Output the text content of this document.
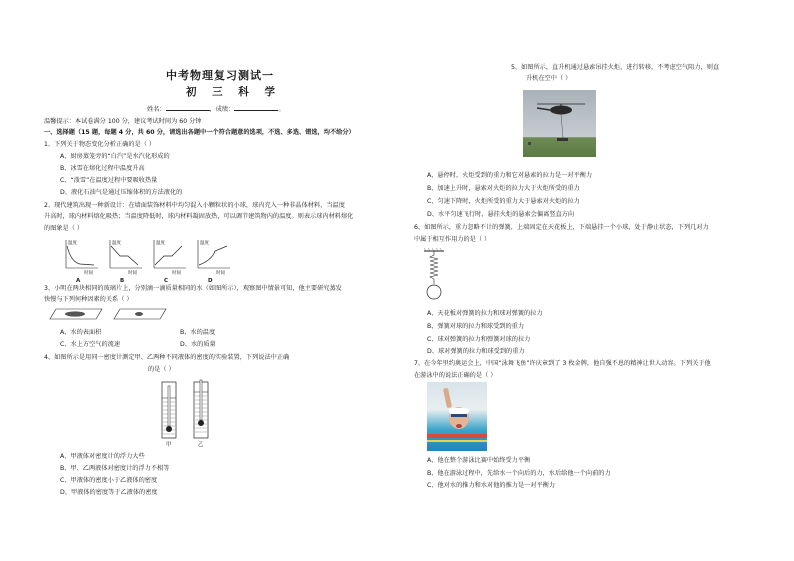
中考物理复习测试一
初 三 科 学
姓名：	，成绩：	。
温馨提示：本试卷满分 100 分，建议考试时间为 60 分钟
一、选择题（15 题，每题 4 分，共 60 分，请选出各题中一个符合题意的选项，不选、多选、错选，均不给分）
1、下列关于物态变化分析正确的是（ ）
A、厨房蒸笼旁的“白汽”是水汽化形成的
B、冰雪在熔化过程中温度升高
C、“泼雪”在温度过程中要吸收热量
D、液化石油气是通过压缩体积的方法液化的
2、现代建筑出现一种新设计：在墙面装饰材料中均匀混入小颗粒状的小球，球内充入一种非晶体材料，当温度
升高时，球内材料熔化吸热；当温度降低时，球内材料凝固放热，可以调节建筑物内的温度。则表示球内材料熔化
的图象是（ ）
温度
时间
A
温度
时间
B
温度
时间
C
温度
时间
D
3、小明在两块相同的玻璃片上，分别滴一滴质量相同的水（如图所示），观察图中情景可知，他主要研究蒸发
快慢与下列何种因素的关系（ ）
A、水的表面积	B、水的温度
C、水上方空气的流速	D、水的质量
4、如图所示是用同一密度计测定甲、乙两种不同液体的密度的实验装置，下列说法中正确
的是（ ）
甲	乙
A、甲液体对密度计的浮力大些
B、甲、乙两液体对密度计的浮力不相等
C、甲液体的密度小于乙液体的密度
D、甲液体的密度等于乙液体的密度
5、如图所示，直升机通过悬索吊挂火炬，进行转移，不考虑空气阻力，则直
升机在空中（ ）
A、悬停时，火炬受到的重力和它对悬索的拉力是一对平衡力
B、加速上升时，悬索对火炬的拉力大于火炬所受的重力
C、匀速下降时，火炬所受的重力大于悬索对火炬的拉力
D、水平匀速飞行时，悬挂火炬的悬索会偏离竖直方向
6、如图所示，重力忽略不计的弹簧，上端固定在天花板上，下端悬挂一个小球，处于静止状态，下列几对力
中属于相互作用力的是（ ）
A、天花板对弹簧的拉力和球对弹簧的拉力
B、弹簧对球的拉力和球受到的重力
C、球对弹簧的拉力和弹簧对球的拉力
D、球对弹簧的拉力和球受到的重力
7、在今年里约奥运会上，中国“泳舞飞鱼”许庆章到了 3 枚金牌，他自强不息的精神让世人动容。下列关于他
在游泳中的说法正确的是（ ）
A、他在整个游泳比赛中始终受力平衡
B、他在游泳过程中，先给水一个向后的力，水后给他一个向前的力
C、他对水的推力和水对他的推力是一对平衡力
